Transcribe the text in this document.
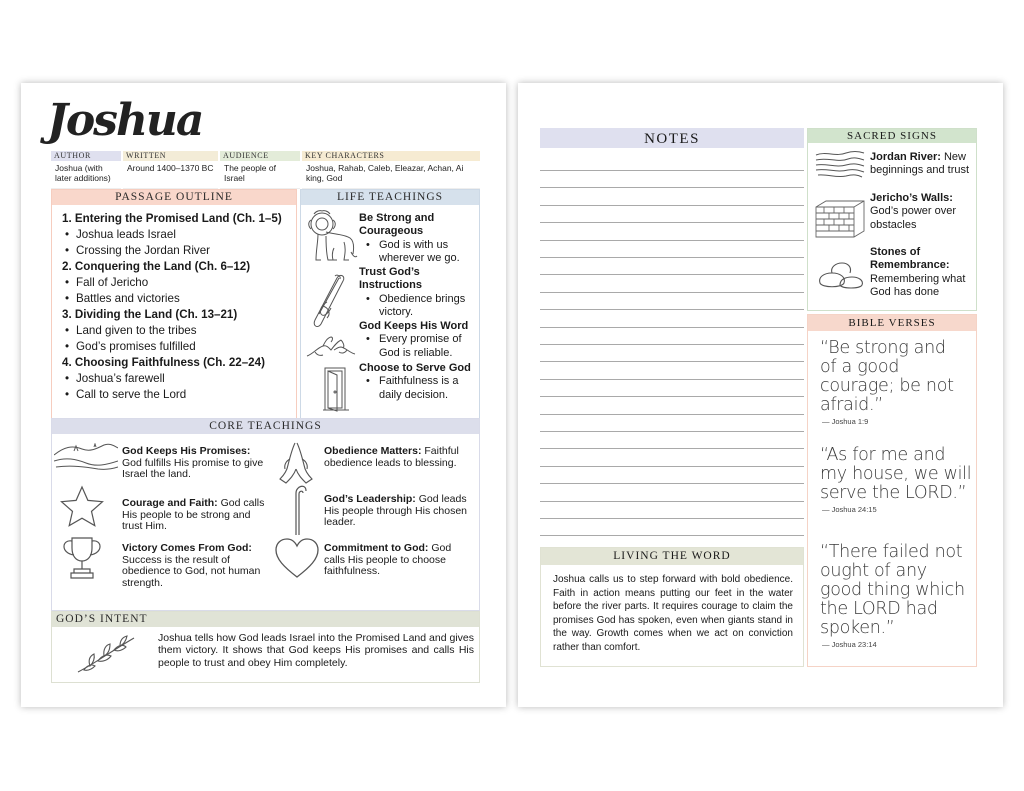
Joshua
AUTHOR
Joshua (with later additions)
WRITTEN
Around 1400–1370 BC
AUDIENCE
The people of Israel
KEY CHARACTERS
Joshua, Rahab, Caleb, Eleazar, Achan, Ai king, God
PASSAGE OUTLINE
1. Entering the Promised Land (Ch. 1–5)
• Joshua leads Israel
• Crossing the Jordan River
2. Conquering the Land (Ch. 6–12)
• Fall of Jericho
• Battles and victories
3. Dividing the Land (Ch. 13–21)
• Land given to the tribes
• God’s promises fulfilled
4. Choosing Faithfulness (Ch. 22–24)
• Joshua’s farewell
• Call to serve the Lord
LIFE TEACHINGS
Be Strong and Courageous
• God is with us wherever we go.
Trust God’s Instructions
• Obedience brings victory.
God Keeps His Word
• Every promise of God is reliable.
Choose to Serve God
• Faithfulness is a daily decision.
CORE TEACHINGS
God Keeps His Promises: God fulfills His promise to give Israel the land.
Obedience Matters: Faithful obedience leads to blessing.
Courage and Faith: God calls His people to be strong and trust Him.
God’s Leadership: God leads His people through His chosen leader.
Victory Comes From God: Success is the result of obedience to God, not human strength.
Commitment to God: God calls His people to choose faithfulness.
GOD’S INTENT
Joshua tells how God leads Israel into the Promised Land and gives them victory. It shows that God keeps His promises and calls His people to trust and obey Him completely.
NOTES
LIVING THE WORD
Joshua calls us to step forward with bold obedience. Faith in action means putting our feet in the water before the river parts. It requires courage to claim the promises God has spoken, even when giants stand in the way. Growth comes when we act on conviction rather than comfort.
SACRED SIGNS
Jordan River: New beginnings and trust
Jericho’s Walls:
God’s power over obstacles
Stones of Remembrance:
Remembering what God has done
BIBLE VERSES
“Be strong and of a good courage; be not afraid.”
— Joshua 1:9
“As for me and my house, we will serve the LORD.”
— Joshua 24:15
“There failed not ought of any good thing which the LORD had spoken.”
— Joshua 23:14
